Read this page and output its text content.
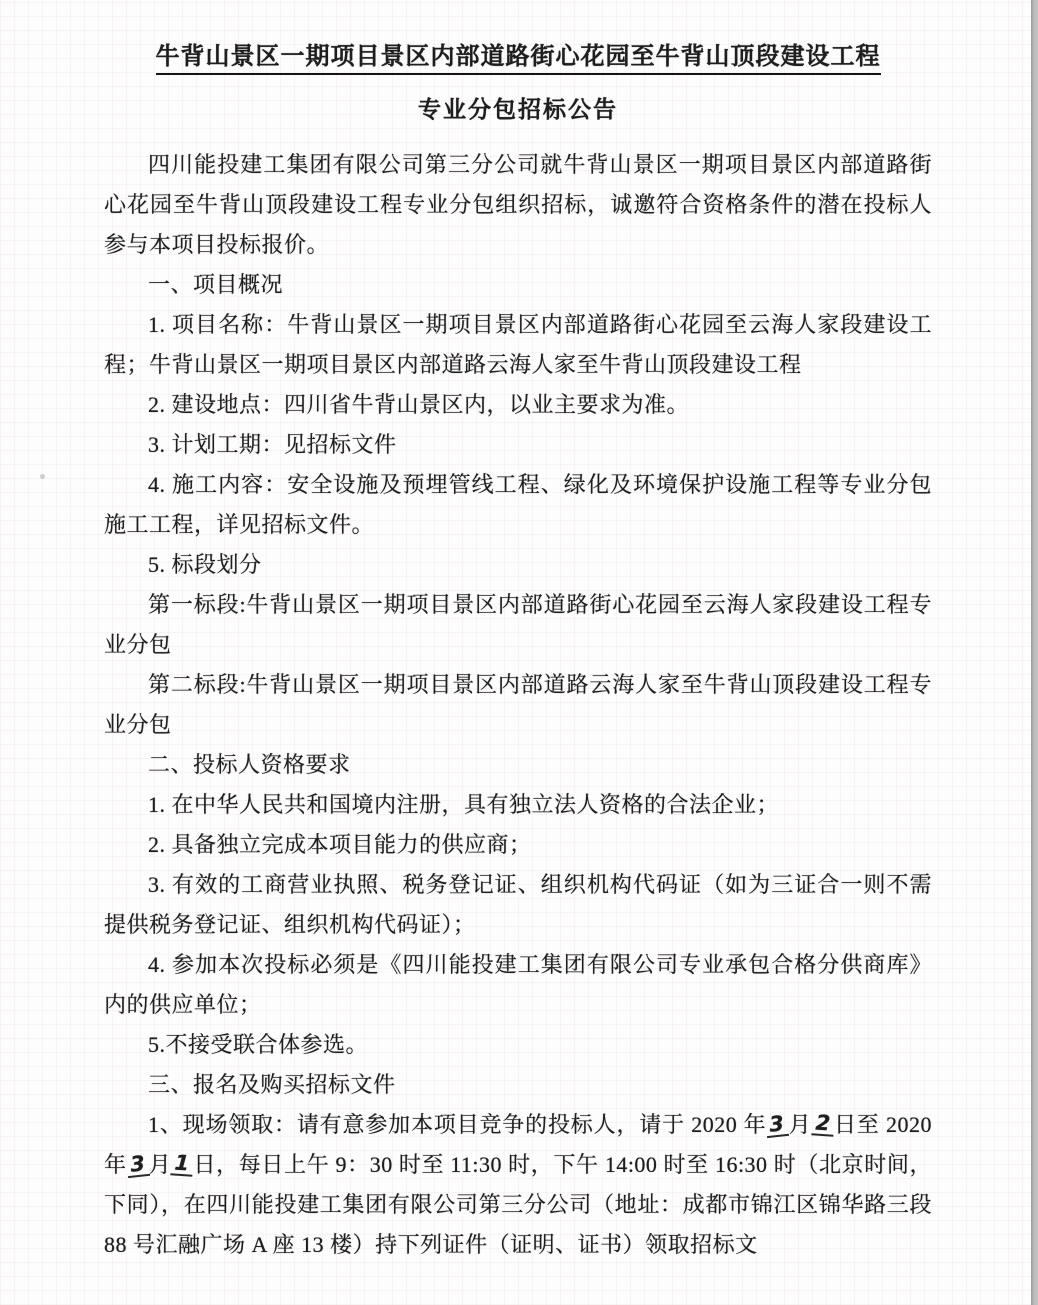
牛背山景区一期项目景区内部道路街心花园至牛背山顶段建设工程
专业分包招标公告

四川能投建工集团有限公司第三分公司就牛背山景区一期项目景区内部道路街心花园至牛背山顶段建设工程专业分包组织招标，诚邀符合资格条件的潜在投标人参与本项目投标报价。

一、项目概况

1. 项目名称：牛背山景区一期项目景区内部道路街心花园至云海人家段建设工程；牛背山景区一期项目景区内部道路云海人家至牛背山顶段建设工程

2. 建设地点：四川省牛背山景区内，以业主要求为准。

3. 计划工期：见招标文件

4. 施工内容：安全设施及预埋管线工程、绿化及环境保护设施工程等专业分包施工工程，详见招标文件。

5. 标段划分

第一标段:牛背山景区一期项目景区内部道路街心花园至云海人家段建设工程专业分包

第二标段:牛背山景区一期项目景区内部道路云海人家至牛背山顶段建设工程专业分包

二、投标人资格要求

1. 在中华人民共和国境内注册，具有独立法人资格的合法企业；

2. 具备独立完成本项目能力的供应商；

3. 有效的工商营业执照、税务登记证、组织机构代码证（如为三证合一则不需提供税务登记证、组织机构代码证）；

4. 参加本次投标必须是《四川能投建工集团有限公司专业承包合格分供商库》内的供应单位；

5.不接受联合体参选。

三、报名及购买招标文件

1、现场领取：请有意参加本项目竞争的投标人，请于 2020 年3 月 2 日至 2020 年3 月 1 日，每日上午 9：30 时至 11:30 时，下午 14:00 时至 16:30 时（北京时间，下同），在四川能投建工集团有限公司第三分公司（地址：成都市锦江区锦华路三段 88 号汇融广场 A 座 13 楼）持下列证件（证明、证书）领取招标文
